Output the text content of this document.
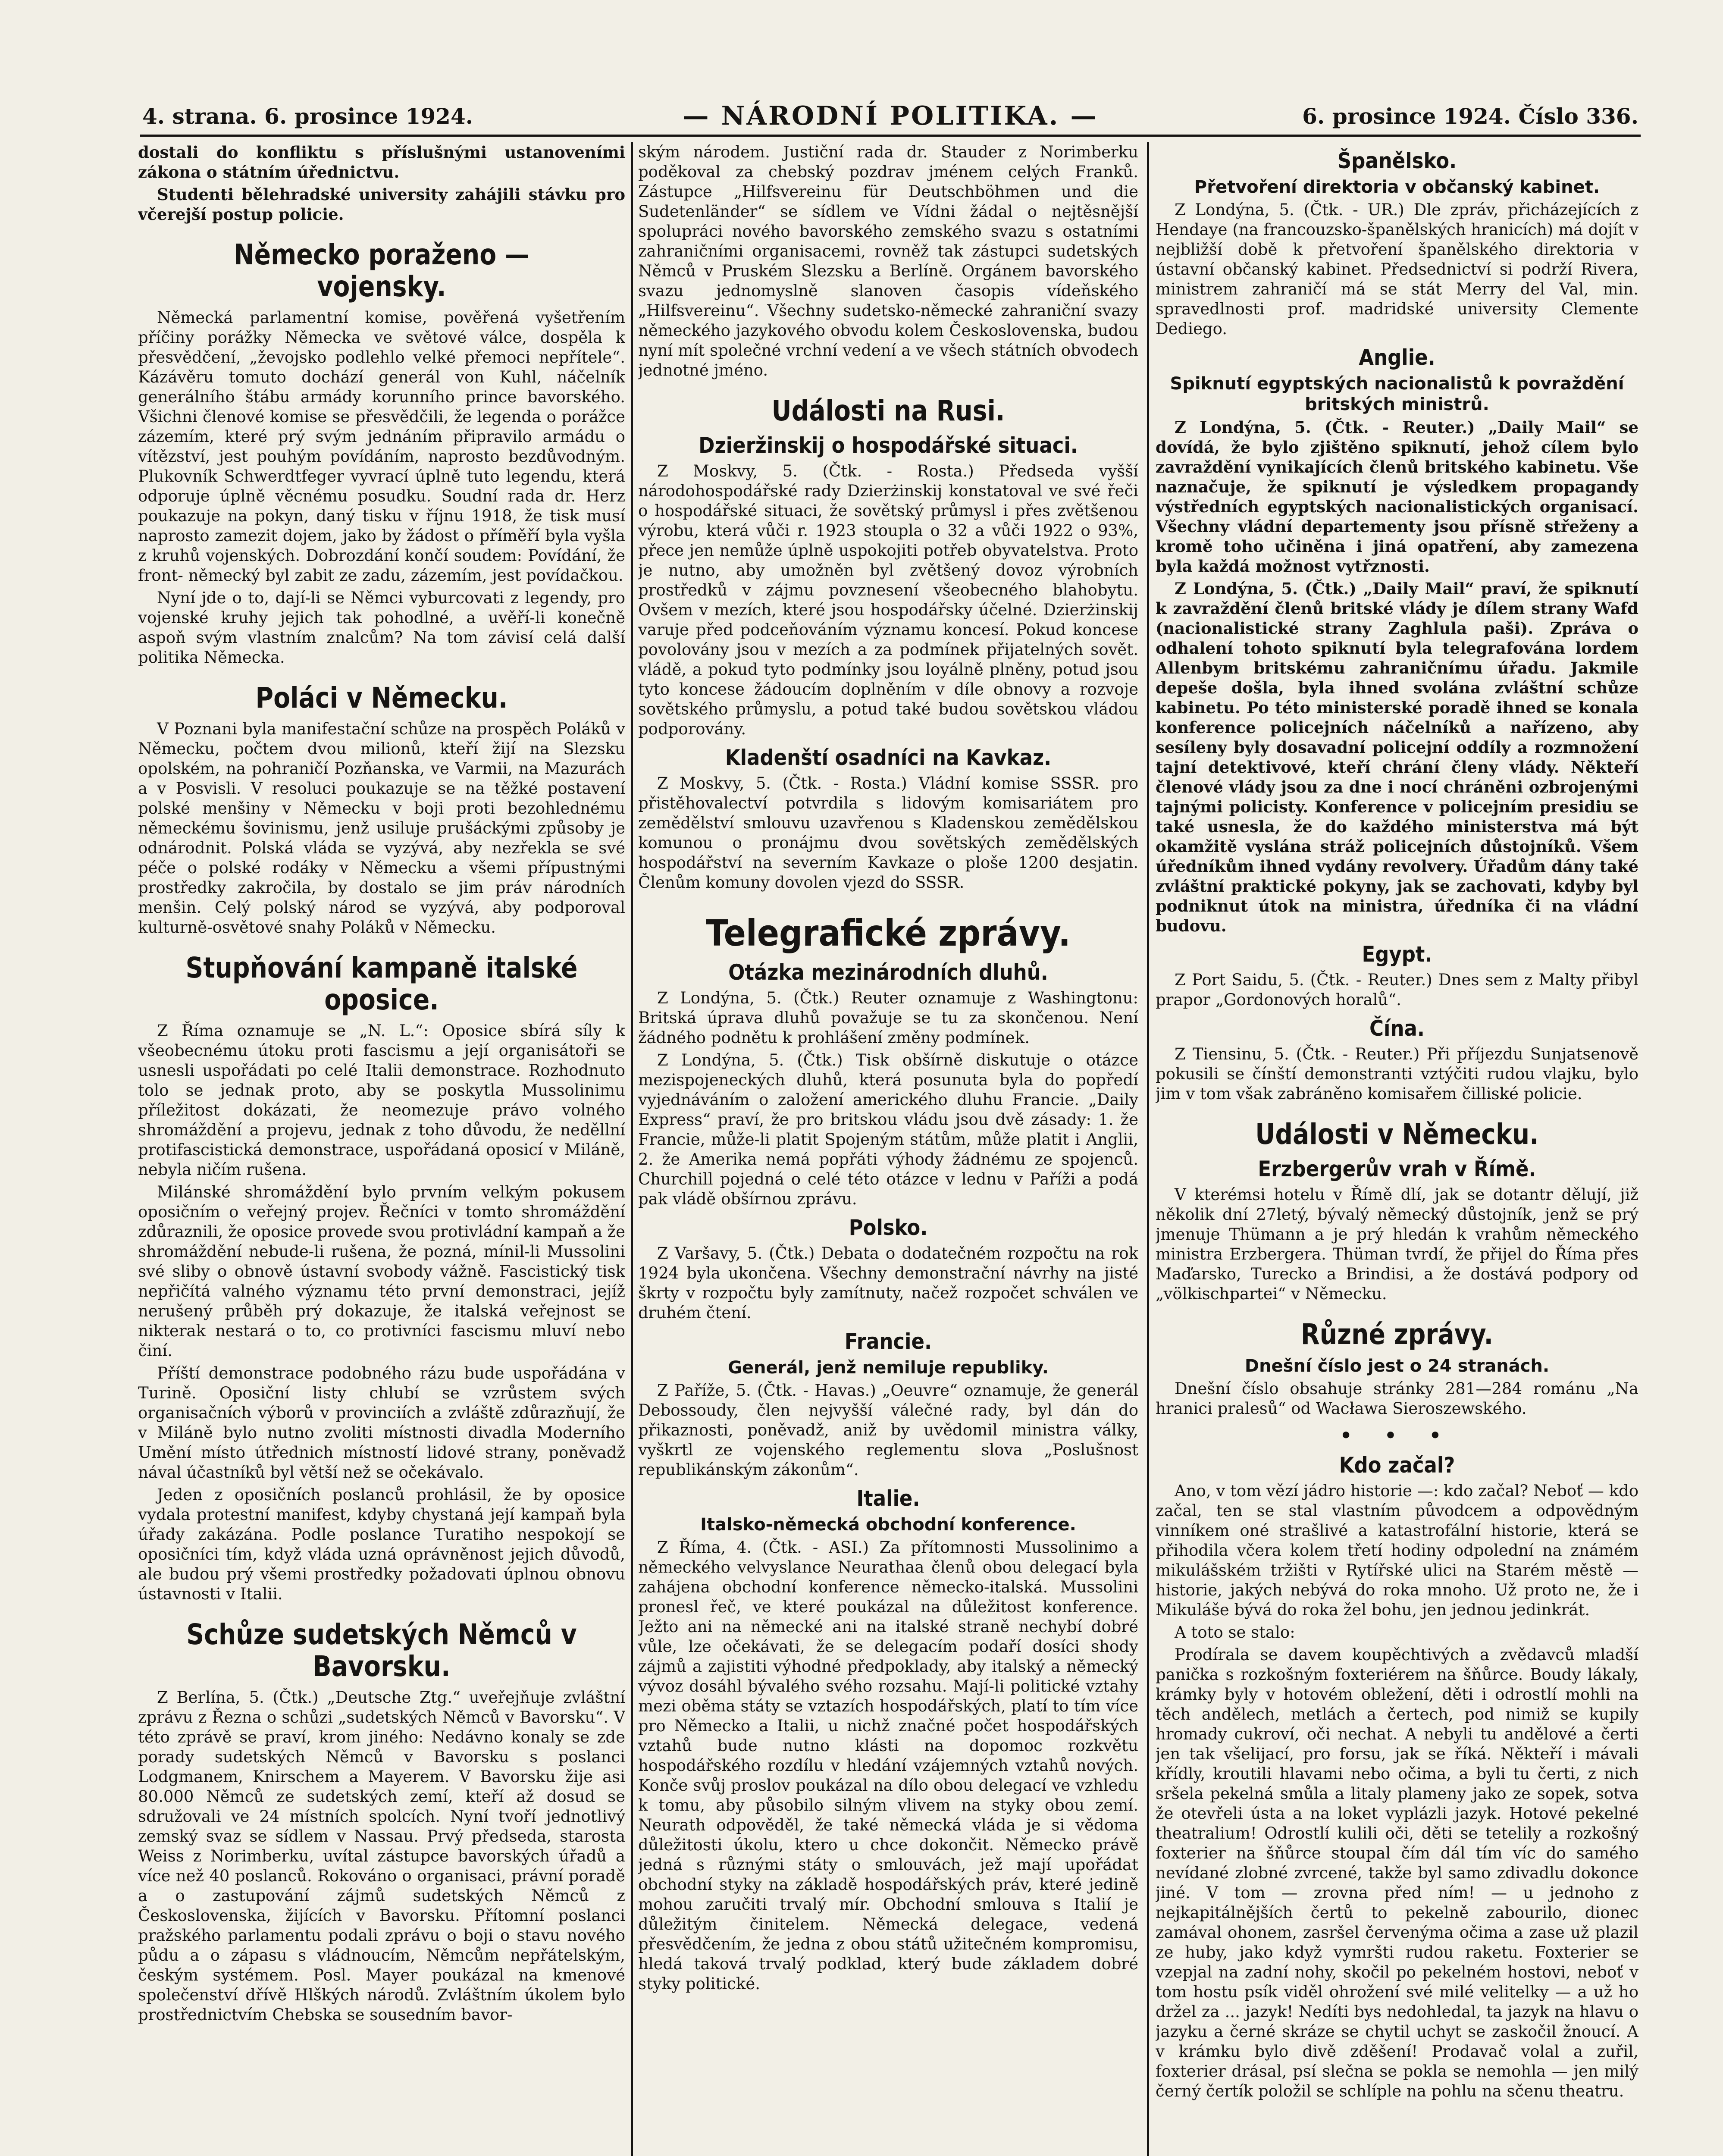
4. strana. 6. prosince 1924.	— NÁRODNÍ POLITIKA. —	6. prosince 1924. Číslo 336.

dostali do konfliktu s příslušnými ustanoveními zákona o státním úřednictvu.

Studenti bělehradské university zahájili stávku pro včerejší postup policie.

Německo poraženo — vojensky.

Německá parlamentní komise, pověřená vyšetřením příčiny porážky Německa ve světové válce, dospěla k přesvědčení, „ževojsko podlehlo velké přemoci nepřítele“. Kázávěru tomuto dochází generál von Kuhl, náčelník generálního štábu armády korunního prince bavorského. Všichni členové komise se přesvědčili, že legenda o porážce zázemím, které prý svým jednáním připravilo armádu o vítězství, jest pouhým povídáním, naprosto bezdůvodným. Plukovník Schwerdtfeger vyvrací úplně tuto legendu, která odporuje úplně věcnému posudku. Soudní rada dr. Herz poukazuje na pokyn, daný tisku v říjnu 1918, že tisk musí naprosto zamezit dojem, jako by žádost o příměří byla vyšla z kruhů vojenských. Dobrozdání končí soudem: Povídání, že front- německý byl zabit ze zadu, zázemím, jest povídačkou.

Nyní jde o to, dají-li se Němci vyburcovati z legendy, pro vojenské kruhy jejich tak pohodlné, a uvěří-li konečně aspoň svým vlastním znalcům? Na tom závisí celá další politika Německa.

Poláci v Německu.

V Poznani byla manifestační schůze na prospěch Poláků v Německu, počtem dvou milionů, kteří žijí na Slezsku opolském, na pohraničí Pozňanska, ve Varmii, na Mazurách a v Posvisli. V resoluci poukazuje se na těžké postavení polské menšiny v Německu v boji proti bezohlednému německému šovinismu, jenž usiluje prušáckými způsoby je odnárodnit. Polská vláda se vyzývá, aby nezřekla se své péče o polské rodáky v Německu a všemi přípustnými prostředky zakročila, by dostalo se jim práv národních menšin. Celý polský národ se vyzývá, aby podporoval kulturně-osvětové snahy Poláků v Německu.

Stupňování kampaně italské oposice.

Z Říma oznamuje se „N. L.“: Oposice sbírá síly k všeobecnému útoku proti fascismu a její organisátoři se usnesli uspořádati po celé Italii demonstrace. Rozhodnuto tolo se jednak proto, aby se poskytla Mussolinimu příležitost dokázati, že neomezuje právo volného shromáždění a projevu, jednak z toho důvodu, že neděllní protifascistická demonstrace, uspořádaná oposicí v Miláně, nebyla ničím rušena.

Milánské shromáždění bylo prvním velkým pokusem oposičním o veřejný projev. Řečníci v tomto shromáždění zdůraznili, že oposice provede svou protivládní kampaň a že shromáždění nebude-li rušena, že pozná, mínil-li Mussolini své sliby o obnově ústavní svobody vážně. Fascistický tisk nepřičítá valného významu této první demonstraci, jejíž nerušený průběh prý dokazuje, že italská veřejnost se nikterak nestará o to, co protivníci fascismu mluví nebo činí.

Příští demonstrace podobného rázu bude uspořádána v Turině. Oposiční listy chlubí se vzrůstem svých organisačních výborů v provinciích a zvláště zdůrazňují, že v Miláně bylo nutno zvoliti místnosti divadla Moderního Umění místo útřednich místností lidové strany, poněvadž nával účastníků byl větší než se očekávalo.

Jeden z oposičních poslanců prohlásil, že by oposice vydala protestní manifest, kdyby chystaná její kampaň byla úřady zakázána. Podle poslance Turatiho nespokojí se oposičníci tím, když vláda uzná oprávněnost jejich důvodů, ale budou prý všemi prostředky požadovati úplnou obnovu ústavnosti v Italii.

Schůze sudetských Němců v Bavorsku.

Z Berlína, 5. (Čtk.) „Deutsche Ztg.“ uveřejňuje zvláštní zprávu z Řezna o schůzi „sudetských Němců v Bavorsku“. V této zprávě se praví, krom jiného: Nedávno konaly se zde porady sudetských Němců v Bavorsku s poslanci Lodgmanem, Knirschem a Mayerem. V Bavorsku žije asi 80.000 Němců ze sudetských zemí, kteří až dosud se sdružovali ve 24 místních spolcích. Nyní tvoří jednotlivý zemský svaz se sídlem v Nassau. Prvý předseda, starosta Weiss z Norimberku, uvítal zástupce bavorských úřadů a více než 40 poslanců. Rokováno o organisaci, právní poradě a o zastupování zájmů sudetských Němců z Československa, žijících v Bavorsku. Přítomní poslanci pražského parlamentu podali zprávu o boji o stavu nového půdu a o zápasu s vládnoucím, Němcům nepřátelským, českým systémem. Posl. Mayer poukázal na kmenové společenství dřívě Hlškých národů. Zvláštním úkolem bylo prostřednictvím Chebska se sousedním bavor-

ským národem. Justiční rada dr. Stauder z Norimberku poděkoval za chebský pozdrav jménem celých Franků. Zástupce „Hilfsvereinu für Deutschböhmen und die Sudetenländer“ se sídlem ve Vídni žádal o nejtěsnější spolupráci nového bavorského zemského svazu s ostatními zahraničními organisacemi, rovněž tak zástupci sudetských Němců v Pruském Slezsku a Berlíně. Orgánem bavorského svazu jednomyslně slanoven časopis vídeňského „Hilfsvereinu“. Všechny sudetsko-německé zahraniční svazy německého jazykového obvodu kolem Československa, budou nyní mít společné vrchní vedení a ve všech státních obvodech jednotné jméno.

Události na Rusi.
Dzieržinskij o hospodářské situaci.

Z Moskvy, 5. (Čtk. - Rosta.) Předseda vyšší národohospodářské rady Dzierżinskij konstatoval ve své řeči o hospodářské situaci, že sovětský průmysl i přes zvětšenou výrobu, která vůči r. 1923 stoupla o 32 a vůči 1922 o 93%, přece jen nemůže úplně uspokojiti potřeb obyvatelstva. Proto je nutno, aby umožněn byl zvětšený dovoz výrobních prostředků v zájmu povznesení všeobecného blahobytu. Ovšem v mezích, které jsou hospodářsky účelné. Dzierżinskij varuje před podceňováním významu koncesí. Pokud koncese povolovány jsou v mezích a za podmínek přijatelných sovět. vládě, a pokud tyto podmínky jsou loyálně plněny, potud jsou tyto koncese žádoucím doplněním v díle obnovy a rozvoje sovětského průmyslu, a potud také budou sovětskou vládou podporovány.

Kladenští osadníci na Kavkaz.

Z Moskvy, 5. (Čtk. - Rosta.) Vládní komise SSSR. pro přistěhovalectví potvrdila s lidovým komisariátem pro zemědělství smlouvu uzavřenou s Kladenskou zemědělskou komunou o pronájmu dvou sovětských zemědělských hospodářství na severním Kavkaze o ploše 1200 desjatin. Členům komuny dovolen vjezd do SSSR.

Telegrafické zprávy.
Otázka mezinárodních dluhů.

Z Londýna, 5. (Čtk.) Reuter oznamuje z Washingtonu: Britská úprava dluhů považuje se tu za skončenou. Není žádného podnětu k prohlášení změny podmínek.

Z Londýna, 5. (Čtk.) Tisk obšírně diskutuje o otázce mezispojeneckých dluhů, která posunuta byla do popředí vyjednáváním o založení amerického dluhu Francie. „Daily Express“ praví, že pro britskou vládu jsou dvě zásady: 1. že Francie, může-li platit Spojeným státům, může platit i Anglii, 2. že Amerika nemá popřáti výhody žádnému ze spojenců. Churchill pojedná o celé této otázce v lednu v Paříži a podá pak vládě obšírnou zprávu.

Polsko.

Z Varšavy, 5. (Čtk.) Debata o dodatečném rozpočtu na rok 1924 byla ukončena. Všechny demonstrační návrhy na jisté škrty v rozpočtu byly zamítnuty, načež rozpočet schválen ve druhém čtení.

Francie.
Generál, jenž nemiluje republiky.

Z Paříže, 5. (Čtk. - Havas.) „Oeuvre“ oznamuje, že generál Debossoudy, člen nejvyšší válečné rady, byl dán do přikaznosti, poněvadž, aniž by uvědomil ministra války, vyškrtl ze vojenského reglementu slova „Poslušnost republikánským zákonům“.

Italie.
Italsko-německá obchodní konference.

Z Říma, 4. (Čtk. - ASI.) Za přítomnosti Mussolinimo a německého velvyslance Neurathaa členů obou delegací byla zahájena obchodní konference německo-italská. Mussolini pronesl řeč, ve které poukázal na důležitost konference. Ježto ani na německé ani na italské straně nechybí dobré vůle, lze očekávati, že se delegacím podaří dosíci shody zájmů a zajistiti výhodné předpoklady, aby italský a německý vývoz dosáhl bývalého svého rozsahu. Mají-li politické vztahy mezi oběma státy se vztazích hospodářských, platí to tím více pro Německo a Italii, u nichž značné počet hospodářských vztahů bude nutno klásti na dopomoc rozkvětu hospodářského rozdílu v hledání vzájemných vztahů nových. Konče svůj proslov poukázal na dílo obou delegací ve vzhledu k tomu, aby působilo silným vlivem na styky obou zemí. Neurath odpověděl, že také německá vláda je si vědoma důležitosti úkolu, ktero u chce dokončit. Německo právě jedná s různými státy o smlouvách, jež mají upořádat obchodní styky na základě hospodářských práv, které jedině mohou zaručiti trvalý mír. Obchodní smlouva s Italií je důležitým činitelem. Německá delegace, vedená přesvědčením, že jedna z obou států užitečném kompromisu, hledá taková trvalý podklad, který bude základem dobré styky politické.

Španělsko.
Přetvoření direktoria v občanský kabinet.

Z Londýna, 5. (Čtk. - UR.) Dle zpráv, přicházejících z Hendaye (na francouzsko-španělských hranicích) má dojít v nejbližší době k přetvoření španělského direktoria v ústavní občanský kabinet. Předsednictví si podrží Rivera, ministrem zahraničí má se stát Merry del Val, min. spravedlnosti prof. madridské university Clemente Dediego.

Anglie.
Spiknutí egyptských nacionalistů k povraždění britských ministrů.

Z Londýna, 5. (Čtk. - Reuter.) „Daily Mail“ se dovídá, že bylo zjištěno spiknutí, jehož cílem bylo zavraždění vynikajících členů britského kabinetu. Vše naznačuje, že spiknutí je výsledkem propagandy výstředních egyptských nacionalistických organisací. Všechny vládní departementy jsou přísně střeženy a kromě toho učiněna i jiná opatření, aby zamezena byla každá možnost vytřznosti.

Z Londýna, 5. (Čtk.) „Daily Mail“ praví, že spiknutí k zavraždění členů britské vlády je dílem strany Wafd (nacionalistické strany Zaghlula paši). Zpráva o odhalení tohoto spiknutí byla telegrafována lordem Allenbym britskému zahraničnímu úřadu. Jakmile depeše došla, byla ihned svolána zvláštní schůze kabinetu. Po této ministerské poradě ihned se konala konference policejních náčelníků a nařízeno, aby sesíleny byly dosavadní policejní oddíly a rozmnožení tajní detektivové, kteří chrání členy vlády. Někteří členové vlády jsou za dne i nocí chráněni ozbrojenými tajnými policisty. Konference v policejním presidiu se také usnesla, že do každého ministerstva má být okamžitě vyslána stráž policejních důstojníků. Všem úředníkům ihned vydány revolvery. Úřadům dány také zvláštní praktické pokyny, jak se zachovati, kdyby byl podniknut útok na ministra, úředníka či na vládní budovu.

Egypt.

Z Port Saidu, 5. (Čtk. - Reuter.) Dnes sem z Malty přibyl prapor „Gordonových horalů“.

Čína.

Z Tiensinu, 5. (Čtk. - Reuter.) Při příjezdu Sunjatsenově pokusili se čínští demonstranti vztýčiti rudou vlajku, bylo jim v tom však zabráněno komisařem čilliské policie.

Události v Německu.
Erzbergerův vrah v Římě.

V kterémsi hotelu v Římě dlí, jak se dotantr dělují, již několik dní 27letý, bývalý německý důstojník, jenž se prý jmenuje Thümann a je prý hledán k vrahům německého ministra Erzbergera. Thüman tvrdí, že přijel do Říma přes Maďarsko, Turecko a Brindisi, a že dostává podpory od „völkischpartei“ v Německu.

Různé zprávy.
Dnešní číslo jest o 24 stranách.

Dnešní číslo obsahuje stránky 281—284 románu „Na hranici pralesů“ od Wacława Sieroszewského.

• • •
Kdo začal?

Ano, v tom vězí jádro historie —: kdo začal? Neboť — kdo začal, ten se stal vlastním původcem a odpovědným vinníkem oné strašlivé a katastrofální historie, která se přihodila včera kolem třetí hodiny odpolední na známém mikulášském tržišti v Rytířské ulici na Starém městě — historie, jakých nebývá do roka mnoho. Už proto ne, že i Mikuláše bývá do roka žel bohu, jen jednou jedinkrát.

A toto se stalo:

Prodírala se davem koupěchtivých a zvědavců mladší panička s rozkošným foxteriérem na šňůrce. Boudy lákaly, krámky byly v hotovém obležení, děti i odrostlí mohli na těch andělech, metlách a čertech, pod nimiž se kupily hromady cukroví, oči nechat. A nebyli tu andělové a čerti jen tak všelijací, pro forsu, jak se říká. Někteří i mávali křídly, kroutili hlavami nebo očima, a byli tu čerti, z nich sršela pekelná smůla a litaly plameny jako ze sopek, sotva že otevřeli ústa a na loket vyplázli jazyk. Hotové pekelné theatralium! Odrostlí kulili oči, děti se tetelily a rozkošný foxterier na šňůrce stoupal čím dál tím víc do samého nevídané zlobné zvrcené, takže byl samo zdivadlu dokonce jiné. V tom — zrovna před ním! — u jednoho z nejkapitálnějších čertů to pekelně zabourilo, dionec zamával ohonem, zasršel červenýma očima a zase už plazil ze huby, jako když vymršti rudou raketu. Foxterier se vzepjal na zadní nohy, skočil po pekelném hostovi, neboť v tom hostu psík viděl ohrožení své milé velitelky — a už ho držel za ... jazyk! Nedíti bys nedohledal, ta jazyk na hlavu o jazyku a černé skráze se chytil uchyt se zaskočil žnoucí. A v krámku bylo divě zděšení! Prodavač volal a zuřil, foxterier drásal, psí slečna se pokla se nemohla — jen milý černý čertík položil se schlíple na pohlu na sčenu theatru.
